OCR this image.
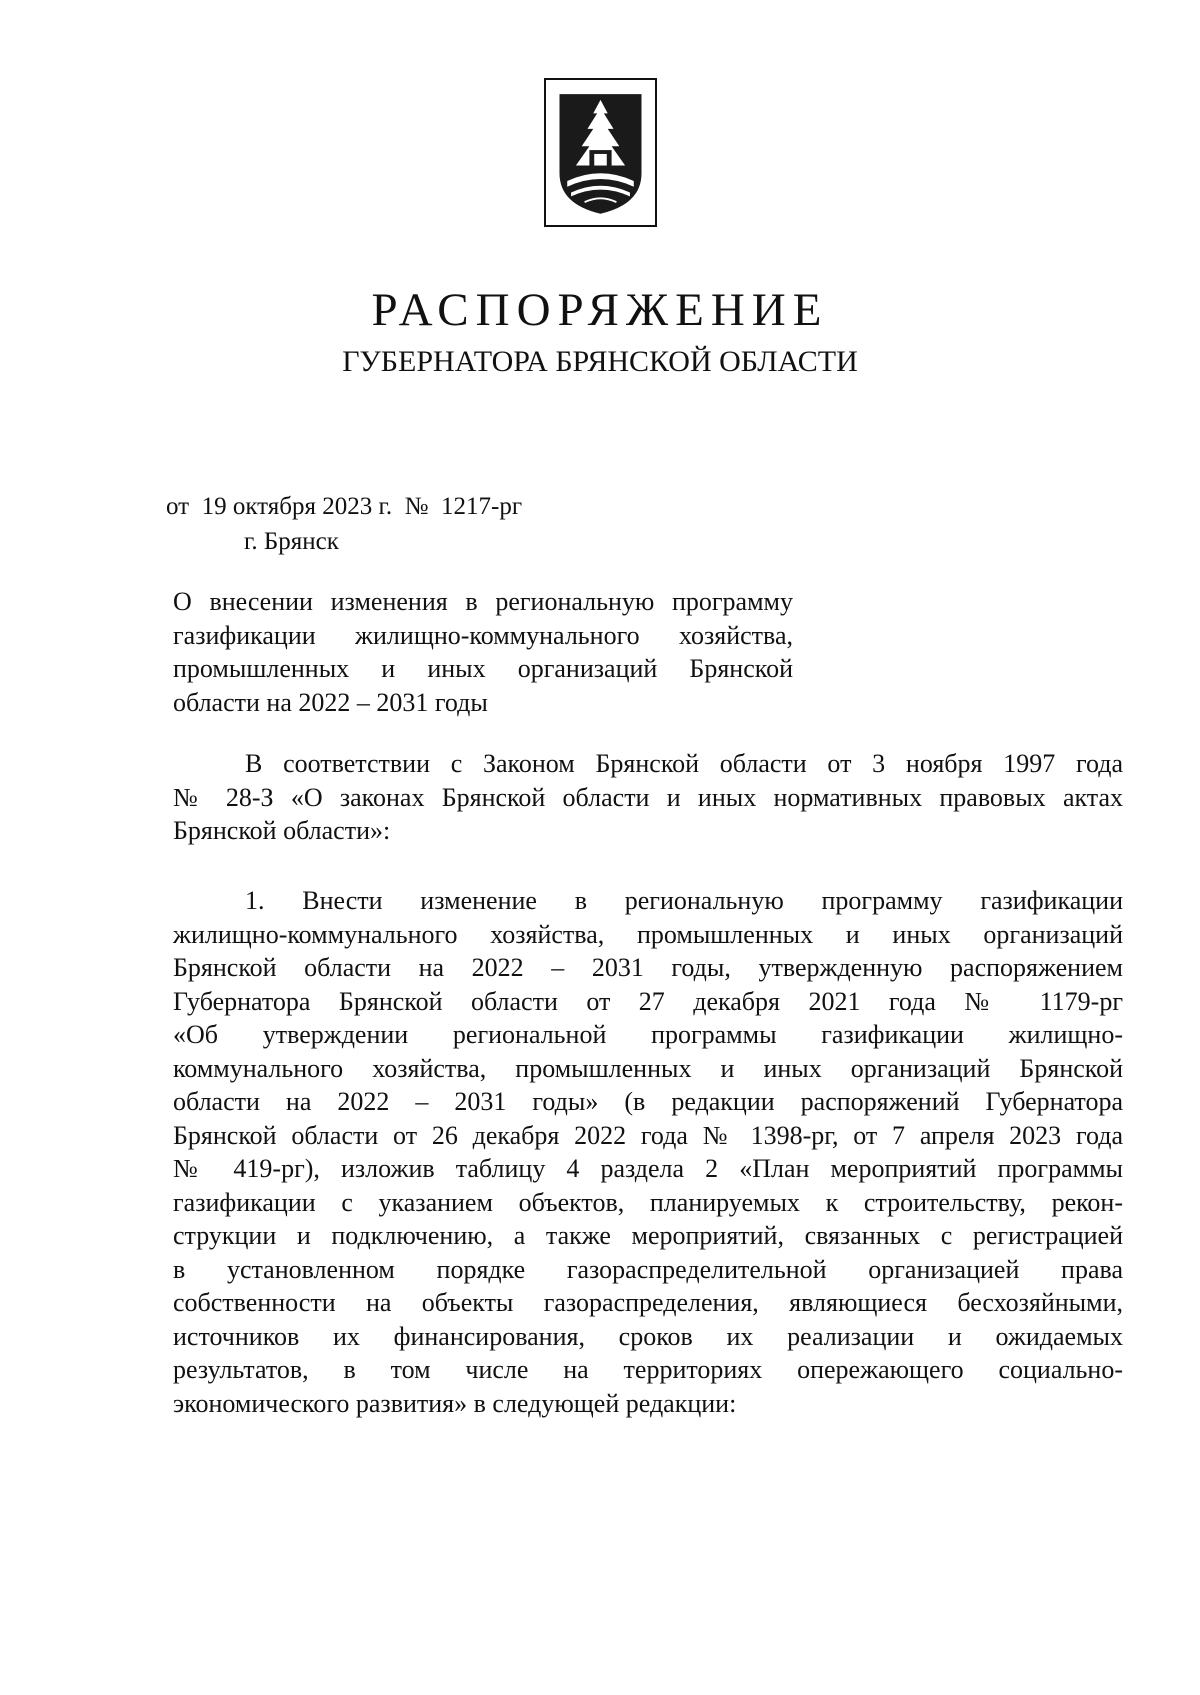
РАСПОРЯЖЕНИЕ
ГУБЕРНАТОРА БРЯНСКОЙ ОБЛАСТИ
от  19 октября 2023 г.  №  1217-рг
г. Брянск
О внесении изменения в региональную программу
газификации жилищно-коммунального хозяйства,
промышленных и иных организаций Брянской
области на 2022 – 2031 годы
В соответствии с Законом Брянской области от 3 ноября 1997 года
№ 28-З «О законах Брянской области и иных нормативных правовых актах
Брянской области»:
1. Внести изменение в региональную программу газификации
жилищно-коммунального хозяйства, промышленных и иных организаций
Брянской области на 2022 – 2031 годы, утвержденную распоряжением
Губернатора Брянской области от 27 декабря 2021 года № 1179-рг
«Об утверждении региональной программы газификации жилищно-
коммунального хозяйства, промышленных и иных организаций Брянской
области на 2022 – 2031 годы» (в редакции распоряжений Губернатора
Брянской области от 26 декабря 2022 года № 1398-рг, от 7 апреля 2023 года
№ 419-рг), изложив таблицу 4 раздела 2 «План мероприятий программы
газификации с указанием объектов, планируемых к строительству, рекон-
струкции и подключению, а также мероприятий, связанных с регистрацией
в установленном порядке газораспределительной организацией права
собственности на объекты газораспределения, являющиеся бесхозяйными,
источников их финансирования, сроков их реализации и ожидаемых
результатов, в том числе на территориях опережающего социально-
экономического развития» в следующей редакции:
